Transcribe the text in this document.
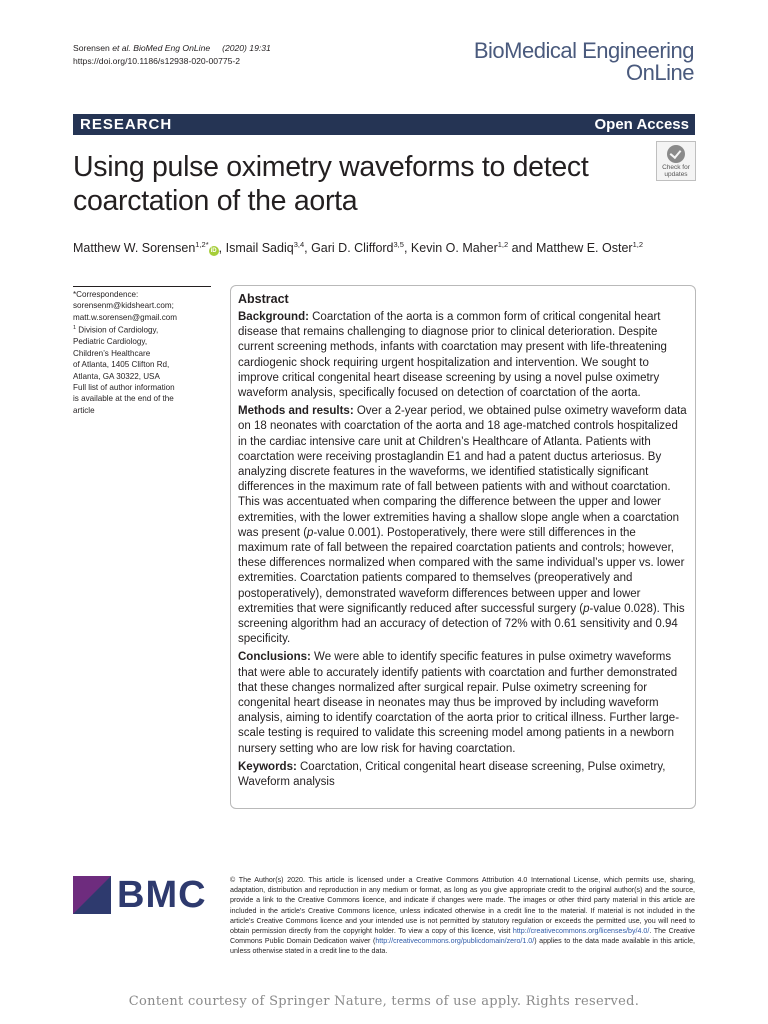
Sorensen et al. BioMed Eng OnLine (2020) 19:31
https://doi.org/10.1186/s12938-020-00775-2	BioMedical Engineering
OnLine
RESEARCH	Open Access
Using pulse oximetry waveforms to detect coarctation of the aorta
Check for
updates
Matthew W. Sorensen$^{1,2*}$iD , Ismail Sadiq$^{3,4}$, Gari D. Clifford$^{3,5}$, Kevin O. Maher$^{1,2}$ and Matthew E. Oster$^{1,2}$
*Correspondence:
sorensenm@kidsheart.com;
matt.w.sorensen@gmail.com
$^1$ Division of Cardiology,
Pediatric Cardiology,
Children’s Healthcare
of Atlanta, 1405 Clifton Rd,
Atlanta, GA 30322, USA
Full list of author information
is available at the end of the
article
Abstract

Background: Coarctation of the aorta is a common form of critical congenital heart disease that remains challenging to diagnose prior to clinical deterioration. Despite current screening methods, infants with coarctation may present with life-threatening cardiogenic shock requiring urgent hospitalization and intervention. We sought to improve critical congenital heart disease screening by using a novel pulse oximetry waveform analysis, specifically focused on detection of coarctation of the aorta.

Methods and results: Over a 2-year period, we obtained pulse oximetry waveform data on 18 neonates with coarctation of the aorta and 18 age-matched controls hospitalized in the cardiac intensive care unit at Children’s Healthcare of Atlanta. Patients with coarctation were receiving prostaglandin E1 and had a patent ductus arteriosus. By analyzing discrete features in the waveforms, we identified statistically significant differences in the maximum rate of fall between patients with and without coarctation. This was accentuated when comparing the difference between the upper and lower extremities, with the lower extremities having a shallow slope angle when a coarctation was present (p-value 0.001). Postoperatively, there were still differences in the maximum rate of fall between the repaired coarctation patients and controls; however, these differences normalized when compared with the same individual’s upper vs. lower extremities. Coarctation patients compared to themselves (preoperatively and postoperatively), demonstrated waveform differences between upper and lower extremities that were significantly reduced after successful surgery (p-value 0.028). This screening algorithm had an accuracy of detection of 72% with 0.61 sensitivity and 0.94 specificity.

Conclusions: We were able to identify specific features in pulse oximetry waveforms that were able to accurately identify patients with coarctation and further demonstrated that these changes normalized after surgical repair. Pulse oximetry screening for congenital heart disease in neonates may thus be improved by including waveform analysis, aiming to identify coarctation of the aorta prior to critical illness. Further large-scale testing is required to validate this screening model among patients in a newborn nursery setting who are low risk for having coarctation.

Keywords: Coarctation, Critical congenital heart disease screening, Pulse oximetry, Waveform analysis

BMC	© The Author(s) 2020. This article is licensed under a Creative Commons Attribution 4.0 International License, which permits use, sharing, adaptation, distribution and reproduction in any medium or format, as long as you give appropriate credit to the original author(s) and the source, provide a link to the Creative Commons licence, and indicate if changes were made. The images or other third party material in this article are included in the article’s Creative Commons licence, unless indicated otherwise in a credit line to the material. If material is not included in the article’s Creative Commons licence and your intended use is not permitted by statutory regulation or exceeds the permitted use, you will need to obtain permission directly from the copyright holder. To view a copy of this licence, visit http://creativecommons.org/licenses/by/4.0/. The Creative Commons Public Domain Dedication waiver (http://creativecommons.org/publicdomain/zero/1.0/) applies to the data made available in this article, unless otherwise stated in a credit line to the data.
Content courtesy of Springer Nature, terms of use apply. Rights reserved.
